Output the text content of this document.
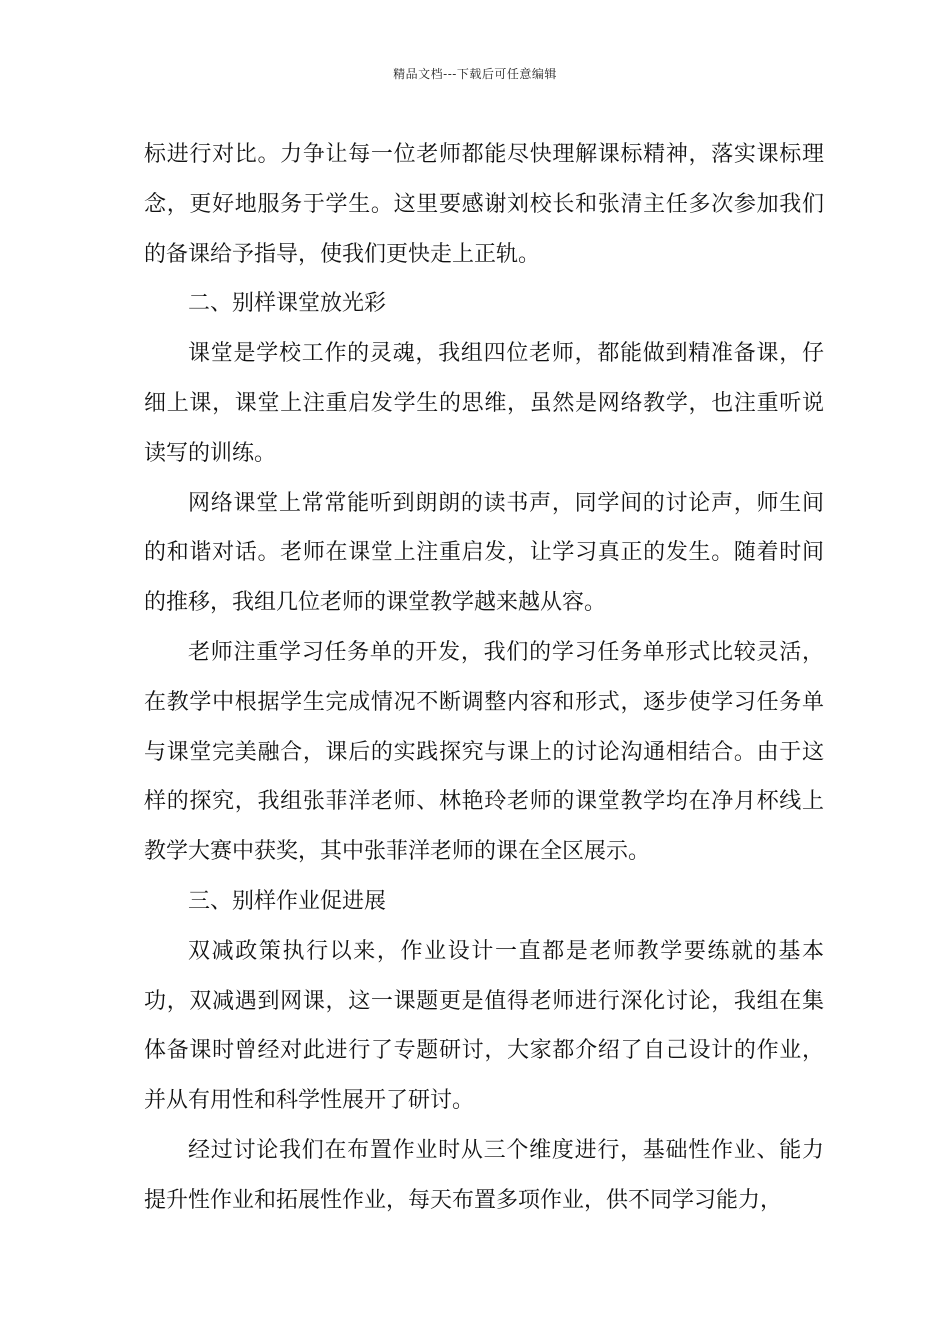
精品文档---下载后可任意编辑

标进行对比。力争让每一位老师都能尽快理解课标精神，落实课标理念，更好地服务于学生。这里要感谢刘校长和张清主任多次参加我们的备课给予指导，使我们更快走上正轨。

二、别样课堂放光彩

课堂是学校工作的灵魂，我组四位老师，都能做到精准备课，仔细上课，课堂上注重启发学生的思维，虽然是网络教学，也注重听说读写的训练。

网络课堂上常常能听到朗朗的读书声，同学间的讨论声，师生间的和谐对话。老师在课堂上注重启发，让学习真正的发生。随着时间的推移，我组几位老师的课堂教学越来越从容。

老师注重学习任务单的开发，我们的学习任务单形式比较灵活，在教学中根据学生完成情况不断调整内容和形式，逐步使学习任务单与课堂完美融合，课后的实践探究与课上的讨论沟通相结合。由于这样的探究，我组张菲洋老师、林艳玲老师的课堂教学均在净月杯线上教学大赛中获奖，其中张菲洋老师的课在全区展示。

三、别样作业促进展

双减政策执行以来，作业设计一直都是老师教学要练就的基本功，双减遇到网课，这一课题更是值得老师进行深化讨论，我组在集体备课时曾经对此进行了专题研讨，大家都介绍了自己设计的作业，并从有用性和科学性展开了研讨。

经过讨论我们在布置作业时从三个维度进行，基础性作业、能力提升性作业和拓展性作业，每天布置多项作业，供不同学习能力，
